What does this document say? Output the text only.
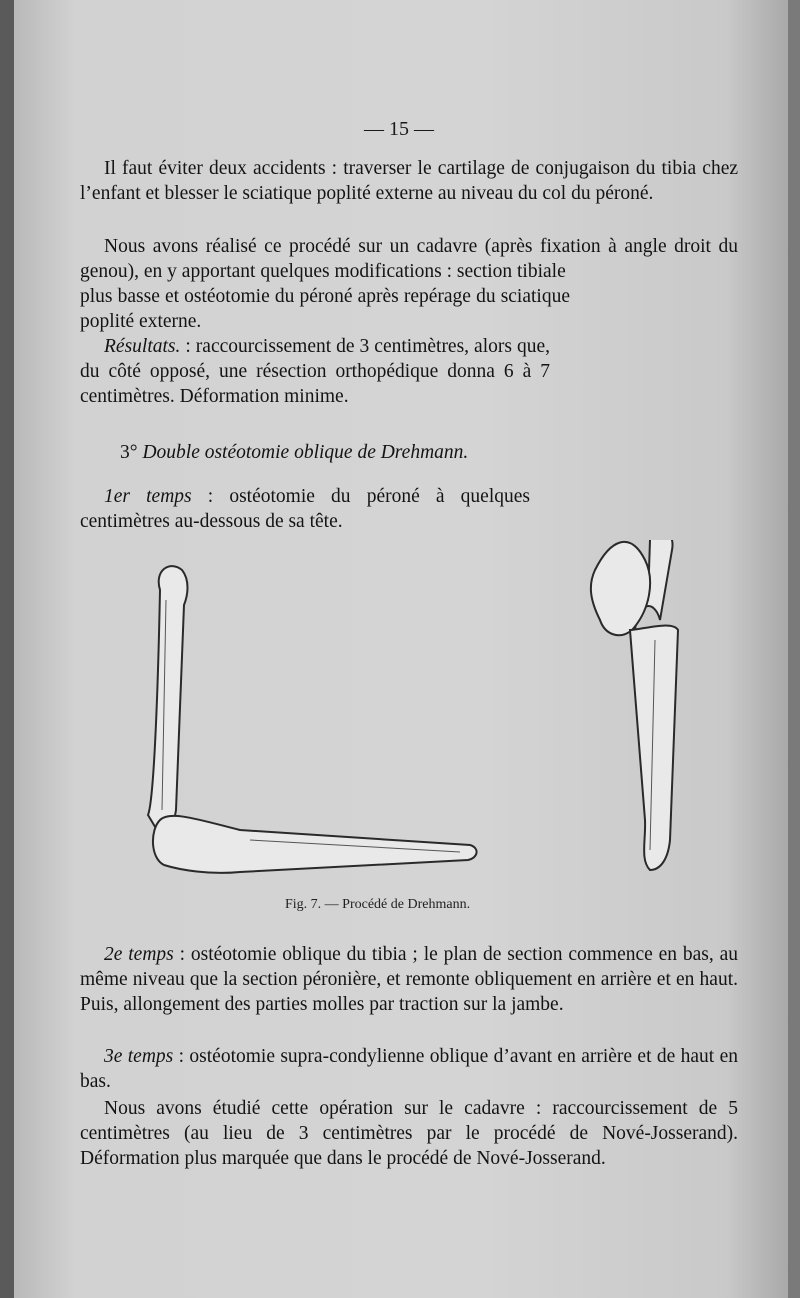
— 15 —
Il faut éviter deux accidents : traverser le cartilage de conjugaison du tibia chez l’enfant et blesser le sciatique poplité externe au niveau du col du péroné.
Nous avons réalisé ce procédé sur un cadavre (après fixation à angle droit du genou), en y apportant quelques modifications : section tibiale
plus basse et ostéotomie du péroné après repérage du sciatique poplité externe.
Résultats. : raccourcissement de 3 centimètres, alors que, du côté opposé, une résection orthopédique donna 6 à 7 centimètres. Déformation minime.
3° Double ostéotomie oblique de Drehmann.
1er temps : ostéotomie du péroné à quelques centimètres au-dessous de sa tête.
Fig. 7. — Procédé de Drehmann.
2e temps : ostéotomie oblique du tibia ; le plan de section commence en bas, au même niveau que la section péronière, et remonte obliquement en arrière et en haut. Puis, allongement des parties molles par traction sur la jambe.
3e temps : ostéotomie supra-condylienne oblique d’avant en arrière et de haut en bas.
Nous avons étudié cette opération sur le cadavre : raccourcissement de 5 centimètres (au lieu de 3 centimètres par le procédé de Nové-Josserand). Déformation plus marquée que dans le procédé de Nové-Josserand.
